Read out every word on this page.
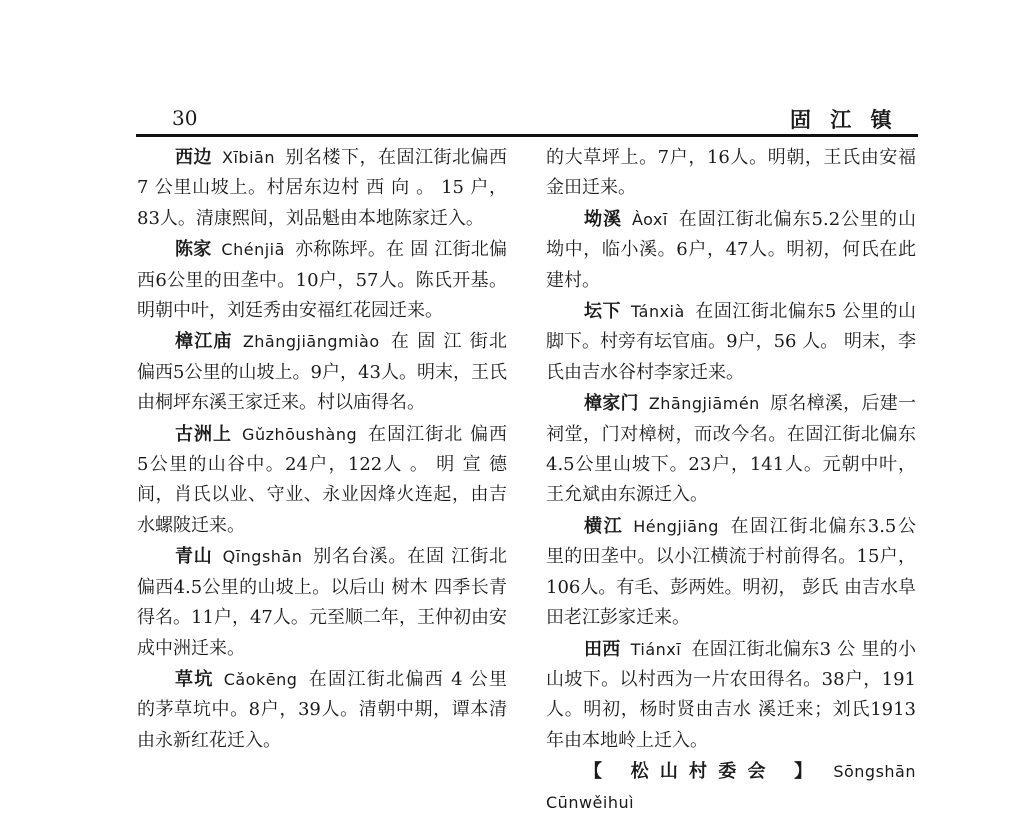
30	固 江 镇

西边 Xībiān 别名楼下，在固江街北偏西 7 公里山坡上。村居东边村 西 向 。 15 户，83人。清康熙间，刘品魁由本地陈家迁入。

陈家 Chénjiā 亦称陈坪。在 固 江街北偏西6公里的田垄中。10户，57人。陈氏开基。明朝中叶，刘廷秀由安福红花园迁来。

樟江庙 Zhāngjiāngmiào 在 固 江 街北偏西5公里的山坡上。9户，43人。明末，王氏由桐坪东溪王家迁来。村以庙得名。

古洲上 Gǔzhōushàng 在固江街北 偏西5公里的山谷中。24户，122人 。 明 宣 德间，肖氏以业、守业、永业因烽火连起，由吉水螺陂迁来。

青山 Qīngshān 别名台溪。在固 江街北偏西4.5公里的山坡上。以后山 树木 四季长青得名。11户，47人。元至顺二年，王仲初由安成中洲迁来。

草坑 Cǎokēng 在固江街北偏西 4 公里的茅草坑中。8户，39人。清朝中期，谭本清由永新红花迁入。

的大草坪上。7户，16人。明朝，王氏由安福金田迁来。

坳溪 Àoxī 在固江街北偏东5.2公里的山坳中，临小溪。6户，47人。明初，何氏在此建村。

坛下 Tánxià 在固江街北偏东5 公里的山脚下。村旁有坛官庙。9户，56 人。 明末，李氏由吉水谷村李家迁来。

樟家门 Zhāngjiāmén 原名樟溪，后建一祠堂，门对樟树，而改今名。在固江街北偏东4.5公里山坡下。23户，141人。元朝中叶，王允斌由东源迁入。

横江 Héngjiāng 在固江街北偏东3.5公里的田垄中。以小江横流于村前得名。15户，106人。有毛、彭两姓。明初， 彭氏 由吉水阜田老江彭家迁来。

田西 Tiánxī 在固江街北偏东3 公 里的小山坡下。以村西为一片农田得名。38户，191人。明初，杨时贤由吉水 溪迁来；刘氏1913年由本地岭上迁入。

【 松山村委会 】 Sōngshān Cūnwěihuì
